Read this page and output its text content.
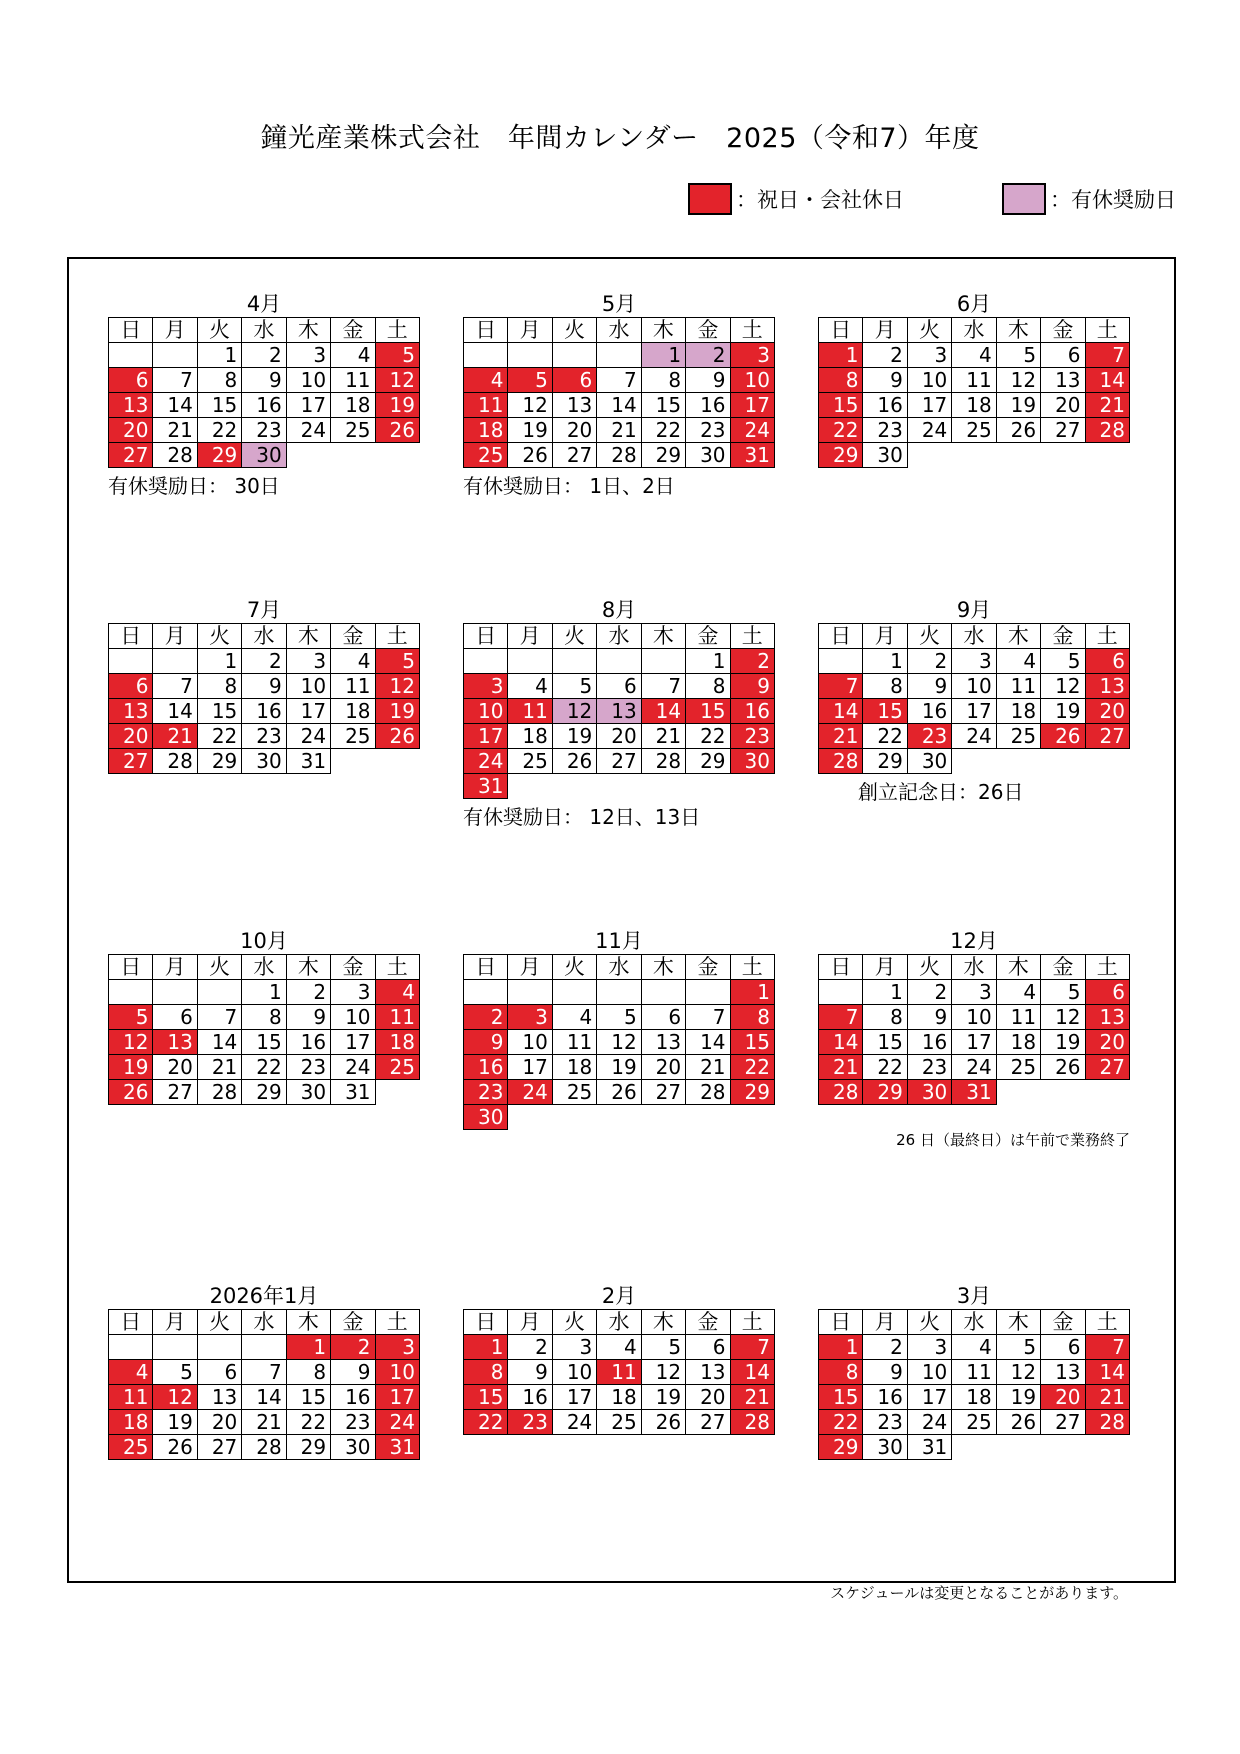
鐘光産業株式会社　年間カレンダー　2025（令和7）年度
：祝日・会社休日	：有休奨励日
4月
日	月	火	水	木	金	土
		1	2	3	4	5
6	7	8	9	10	11	12
13	14	15	16	17	18	19
20	21	22	23	24	25	26
27	28	29	30			
有休奨励日： 30日
5月
日	月	火	水	木	金	土
				1	2	3
4	5	6	7	8	9	10
11	12	13	14	15	16	17
18	19	20	21	22	23	24
25	26	27	28	29	30	31
有休奨励日： 1日、2日
6月
日	月	火	水	木	金	土
1	2	3	4	5	6	7
8	9	10	11	12	13	14
15	16	17	18	19	20	21
22	23	24	25	26	27	28
29	30					
7月
日	月	火	水	木	金	土
		1	2	3	4	5
6	7	8	9	10	11	12
13	14	15	16	17	18	19
20	21	22	23	24	25	26
27	28	29	30	31		
8月
日	月	火	水	木	金	土
					1	2
3	4	5	6	7	8	9
10	11	12	13	14	15	16
17	18	19	20	21	22	23
24	25	26	27	28	29	30
31						
有休奨励日： 12日、13日
9月
日	月	火	水	木	金	土
	1	2	3	4	5	6
7	8	9	10	11	12	13
14	15	16	17	18	19	20
21	22	23	24	25	26	27
28	29	30				
　　創立記念日：26日
10月
日	月	火	水	木	金	土
			1	2	3	4
5	6	7	8	9	10	11
12	13	14	15	16	17	18
19	20	21	22	23	24	25
26	27	28	29	30	31	
11月
日	月	火	水	木	金	土
						1
2	3	4	5	6	7	8
9	10	11	12	13	14	15
16	17	18	19	20	21	22
23	24	25	26	27	28	29
30						
12月
日	月	火	水	木	金	土
	1	2	3	4	5	6
7	8	9	10	11	12	13
14	15	16	17	18	19	20
21	22	23	24	25	26	27
28	29	30	31			
26 日（最終日）は午前で業務終了
2026年1月
日	月	火	水	木	金	土
				1	2	3
4	5	6	7	8	9	10
11	12	13	14	15	16	17
18	19	20	21	22	23	24
25	26	27	28	29	30	31
2月
日	月	火	水	木	金	土
1	2	3	4	5	6	7
8	9	10	11	12	13	14
15	16	17	18	19	20	21
22	23	24	25	26	27	28
3月
日	月	火	水	木	金	土
1	2	3	4	5	6	7
8	9	10	11	12	13	14
15	16	17	18	19	20	21
22	23	24	25	26	27	28
29	30	31				
スケジュールは変更となることがあります。
